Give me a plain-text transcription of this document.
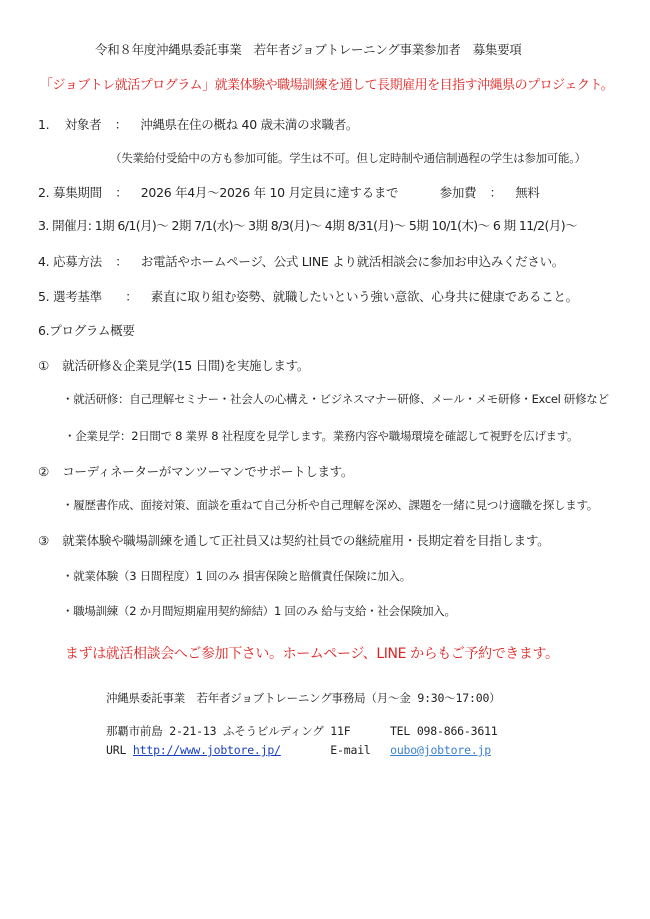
令和８年度沖縄県委託事業　若年者ジョブトレーニング事業参加者　募集要項
「ジョブトレ就活プログラム」就業体験や職場訓練を通して長期雇用を目指す沖縄県のプロジェクト。
1. 対象者 ： 沖縄県在住の概ね 40 歳未満の求職者。
（失業給付受給中の方も参加可能。学生は不可。但し定時制や通信制過程の学生は参加可能。）
2. 募集期間 ： 2026 年4月～2026 年 10 月定員に達するまで	参加費 ： 無料
3. 開催月: 1期 6/1(月)～ 2期 7/1(水)～ 3期 8/3(月)～ 4期 8/31(月)～ 5期 10/1(木)～ 6 期 11/2(月)～
4. 応募方法 ： お電話やホームページ、公式 LINE より就活相談会に参加お申込みください。
5. 選考基準 ： 素直に取り組む姿勢、就職したいという強い意欲、心身共に健康であること。
6.プログラム概要
① 就活研修＆企業見学(15 日間)を実施します。
・就活研修：自己理解セミナー・社会人の心構え・ビジネスマナー研修、メール・メモ研修・Excel 研修など
・企業見学：2日間で 8 業界 8 社程度を見学します。業務内容や職場環境を確認して視野を広げます。
② コーディネーターがマンツーマンでサポートします。
・履歴書作成、面接対策、面談を重ねて自己分析や自己理解を深め、課題を一緒に見つけ適職を探します。
③ 就業体験や職場訓練を通して正社員又は契約社員での継続雇用・長期定着を目指します。
・就業体験（3 日間程度）1 回のみ 損害保険と賠償責任保険に加入。
・職場訓練（2 か月間短期雇用契約締結）1 回のみ 給与支給・社会保険加入。
まずは就活相談会へご参加下さい。ホームページ、LINE からもご予約できます。
沖縄県委託事業　若年者ジョブトレーニング事務局（月～金 9:30～17:00）
那覇市前島 2-21-13 ふそうビルディング 11F	TEL 098-866-3611
URL http://www.jobtore.jp/	E-mail oubo@jobtore.jp
